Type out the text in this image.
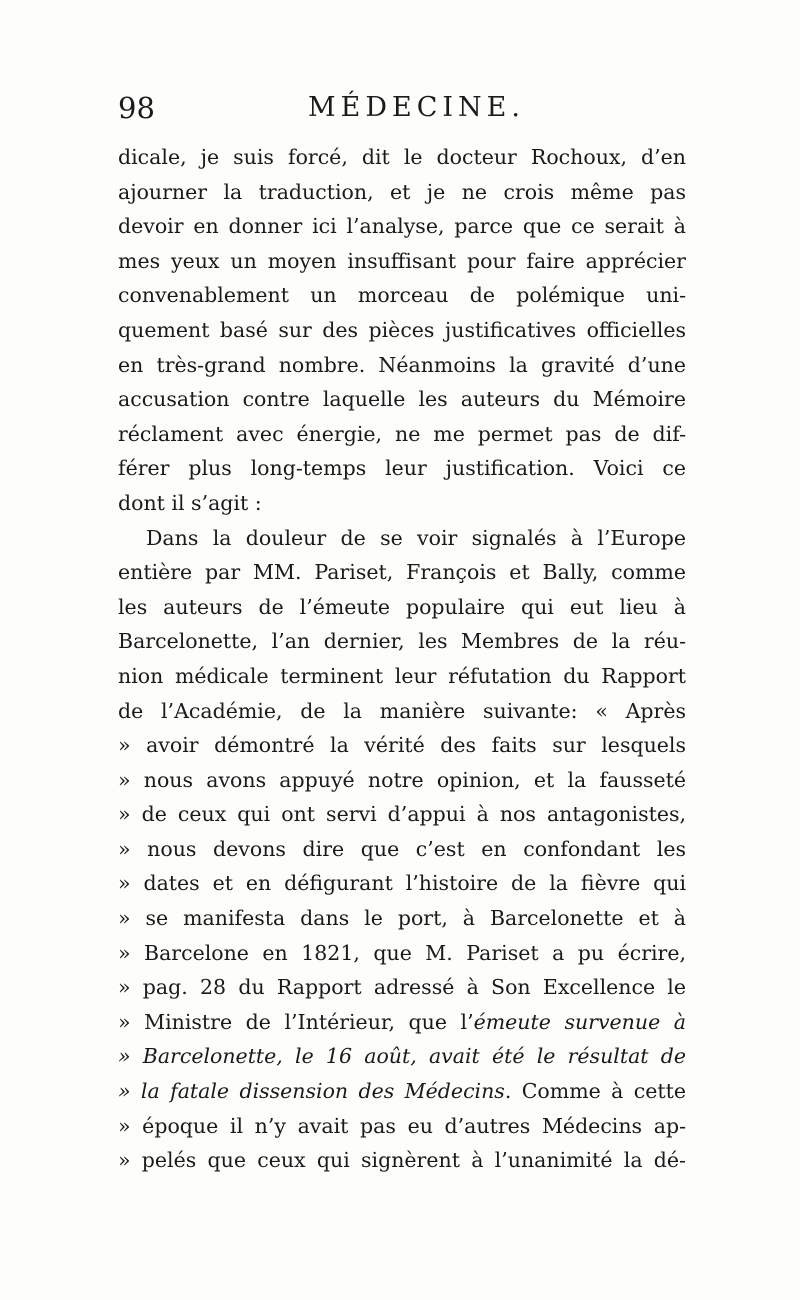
98	MÉDECINE.
dicale, je suis forcé, dit le docteur Rochoux, d’en
ajourner la traduction, et je ne crois même pas
devoir en donner ici l’analyse, parce que ce serait à
mes yeux un moyen insuffisant pour faire apprécier
convenablement un morceau de polémique uni-
quement basé sur des pièces justificatives officielles
en très-grand nombre. Néanmoins la gravité d’une
accusation contre laquelle les auteurs du Mémoire
réclament avec énergie, ne me permet pas de dif-
férer plus long-temps leur justification. Voici ce
dont il s’agit :
Dans la douleur de se voir signalés à l’Europe
entière par MM. Pariset, François et Bally, comme
les auteurs de l’émeute populaire qui eut lieu à
Barcelonette, l’an dernier, les Membres de la réu-
nion médicale terminent leur réfutation du Rapport
de l’Académie, de la manière suivante: « Après
» avoir démontré la vérité des faits sur lesquels
» nous avons appuyé notre opinion, et la fausseté
» de ceux qui ont servi d’appui à nos antagonistes,
» nous devons dire que c’est en confondant les
» dates et en défigurant l’histoire de la fièvre qui
» se manifesta dans le port, à Barcelonette et à
» Barcelone en 1821, que M. Pariset a pu écrire,
» pag. 28 du Rapport adressé à Son Excellence le
» Ministre de l’Intérieur, que l’émeute survenue à
» Barcelonette, le 16 août, avait été le résultat de
» la fatale dissension des Médecins. Comme à cette
» époque il n’y avait pas eu d’autres Médecins ap-
» pelés que ceux qui signèrent à l’unanimité la dé-
